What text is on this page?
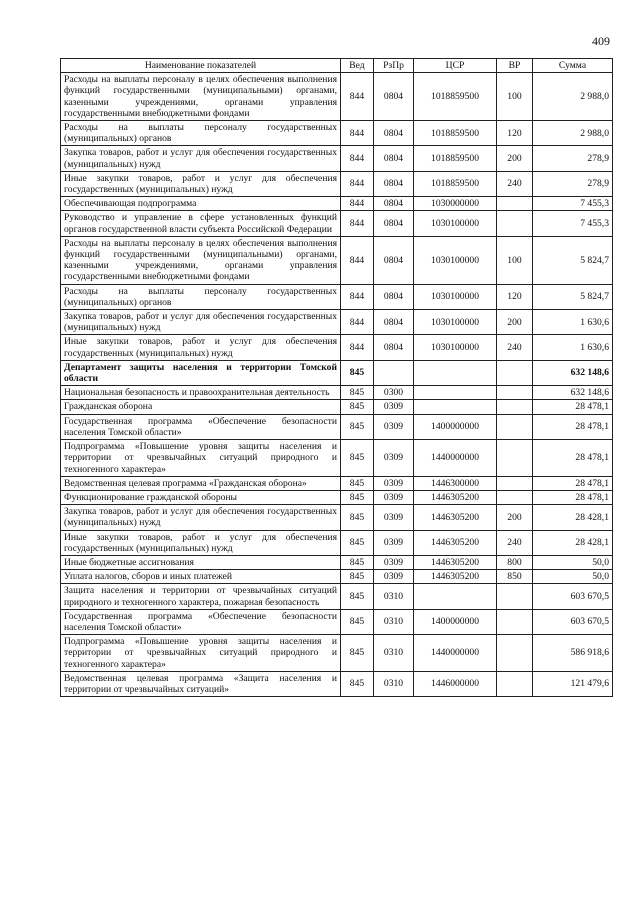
409
Наименование показателей	Вед	РзПр	ЦСР	ВР	Сумма
Расходы на выплаты персоналу в целях обеспечения выполнения функций государственными (муниципальными) органами, казенными учреждениями, органами управления государственными внебюджетными фондами	844	0804	1018859500	100	2 988,0
Расходы на выплаты персоналу государственных (муниципальных) органов	844	0804	1018859500	120	2 988,0
Закупка товаров, работ и услуг для обеспечения государственных (муниципальных) нужд	844	0804	1018859500	200	278,9
Иные закупки товаров, работ и услуг для обеспечения государственных (муниципальных) нужд	844	0804	1018859500	240	278,9
Обеспечивающая подпрограмма	844	0804	1030000000		7 455,3
Руководство и управление в сфере установленных функций органов государственной власти субъекта Российской Федерации	844	0804	1030100000		7 455,3
Расходы на выплаты персоналу в целях обеспечения выполнения функций государственными (муниципальными) органами, казенными учреждениями, органами управления государственными внебюджетными фондами	844	0804	1030100000	100	5 824,7
Расходы на выплаты персоналу государственных (муниципальных) органов	844	0804	1030100000	120	5 824,7
Закупка товаров, работ и услуг для обеспечения государственных (муниципальных) нужд	844	0804	1030100000	200	1 630,6
Иные закупки товаров, работ и услуг для обеспечения государственных (муниципальных) нужд	844	0804	1030100000	240	1 630,6
Департамент защиты населения и территории Томской области	845				632 148,6
Национальная безопасность и правоохранительная деятельность	845	0300			632 148,6
Гражданская оборона	845	0309			28 478,1
Государственная программа «Обеспечение безопасности населения Томской области»	845	0309	1400000000		28 478,1
Подпрограмма «Повышение уровня защиты населения и территории от чрезвычайных ситуаций природного и техногенного характера»	845	0309	1440000000		28 478,1
Ведомственная целевая программа «Гражданская оборона»	845	0309	1446300000		28 478,1
Функционирование гражданской обороны	845	0309	1446305200		28 478,1
Закупка товаров, работ и услуг для обеспечения государственных (муниципальных) нужд	845	0309	1446305200	200	28 428,1
Иные закупки товаров, работ и услуг для обеспечения государственных (муниципальных) нужд	845	0309	1446305200	240	28 428,1
Иные бюджетные ассигнования	845	0309	1446305200	800	50,0
Уплата налогов, сборов и иных платежей	845	0309	1446305200	850	50,0
Защита населения и территории от чрезвычайных ситуаций природного и техногенного характера, пожарная безопасность	845	0310			603 670,5
Государственная программа «Обеспечение безопасности населения Томской области»	845	0310	1400000000		603 670,5
Подпрограмма «Повышение уровня защиты населения и территории от чрезвычайных ситуаций природного и техногенного характера»	845	0310	1440000000		586 918,6
Ведомственная целевая программа «Защита населения и территории от чрезвычайных ситуаций»	845	0310	1446000000		121 479,6
